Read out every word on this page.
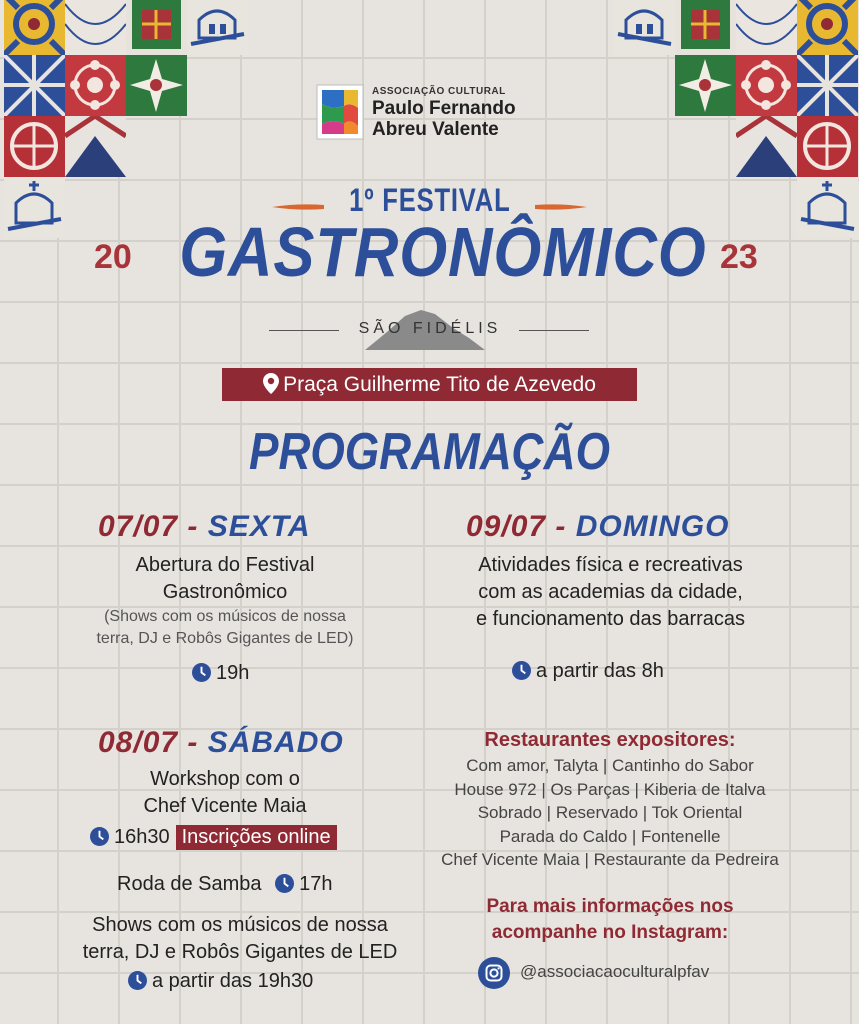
ASSOCIAÇÃO CULTURAL
Paulo Fernando
Abreu Valente
1º FESTIVAL
20 GASTRONÔMICO 23
SÃO FIDÉLIS
Praça Guilherme Tito de Azevedo
PROGRAMAÇÃO
07/07 - SEXTA
Abertura do Festival
Gastronômico
(Shows com os músicos de nossa
terra, DJ e Robôs Gigantes de LED)
19h
09/07 - DOMINGO
Atividades física e recreativas
com as academias da cidade,
e funcionamento das barracas
a partir das 8h
08/07 - SÁBADO
Workshop com o
Chef Vicente Maia
16h30 Inscrições online
Roda de Samba 17h
Shows com os músicos de nossa
terra, DJ e Robôs Gigantes de LED
a partir das 19h30
Restaurantes expositores:
Com amor, Talyta | Cantinho do Sabor
House 972 | Os Parças | Kiberia de Italva
Sobrado | Reservado | Tok Oriental
Parada do Caldo | Fontenelle
Chef Vicente Maia | Restaurante da Pedreira
Para mais informações nos
acompanhe no Instagram:
@associacaoculturalpfav
